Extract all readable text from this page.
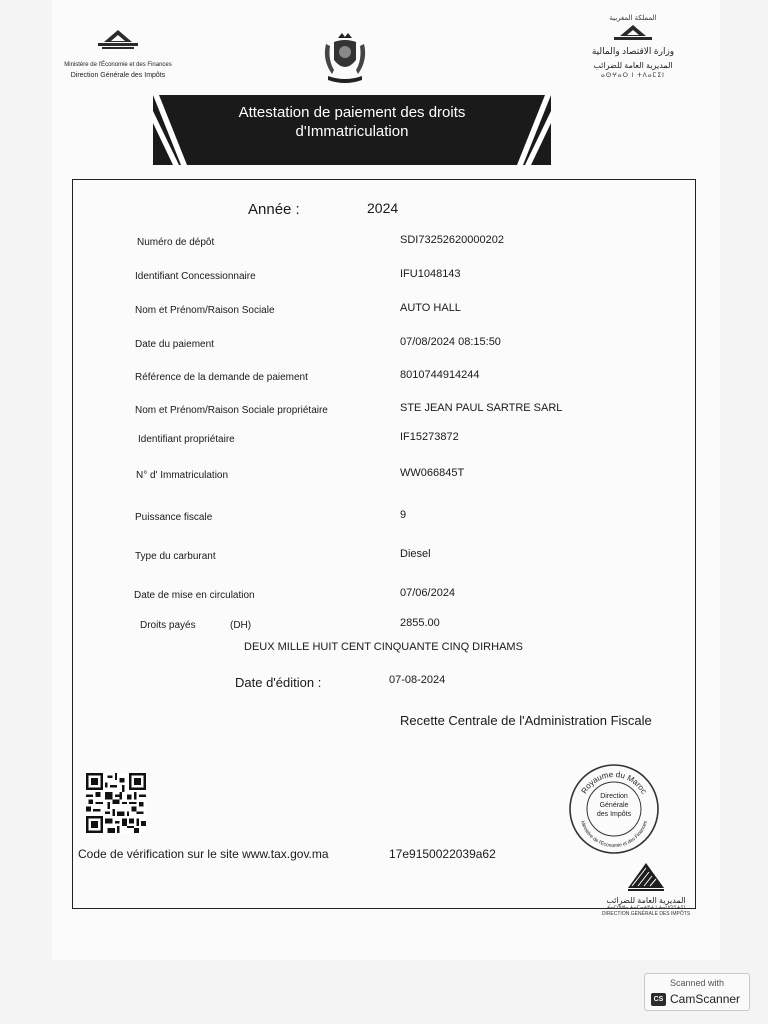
Ministère de l'Économie et des Finances
Direction Générale des Impôts
المملكة المغربية
وزارة الاقتصاد والمالية
المديرية العامة للضرائب
ⴰⵙⵖⴰⵔ ⵏ ⵜⴷⴰⵎⵉⵏ
Attestation de paiement des droits
d'Immatriculation
Année :	2024
Numéro de dépôt	SDI73252620000202
Identifiant Concessionnaire	IFU1048143
Nom et Prénom/Raison Sociale	AUTO HALL
Date du paiement	07/08/2024 08:15:50
Référence de la demande de paiement	8010744914244
Nom et Prénom/Raison Sociale propriétaire	STE JEAN PAUL SARTRE SARL
Identifiant propriétaire	IF15273872
N° d' Immatriculation	WW066845T
Puissance fiscale	9
Type du carburant	Diesel
Date de mise en circulation	07/06/2024
Droits payés	(DH)	2855.00
DEUX MILLE HUIT CENT CINQUANTE CINQ DIRHAMS
Date d'édition :	07-08-2024
Recette Centrale de l'Administration Fiscale
Code de vérification sur le site www.tax.gov.ma	17e9150022039a62
Royaume du Maroc
Ministère de l'Economie et des Finances
Direction
Générale
des Impôts
المديرية العامة للضرائب
ⵜⴰⵎⵀⵍⴰ ⵜⴰⵎⴰⵜⵓⵜ ⵏ ⵜⴰⵡⵙⵉⵜⵉⵏ
DIRECTION GÉNÉRALE DES IMPÔTS
Scanned with
CS CamScanner
